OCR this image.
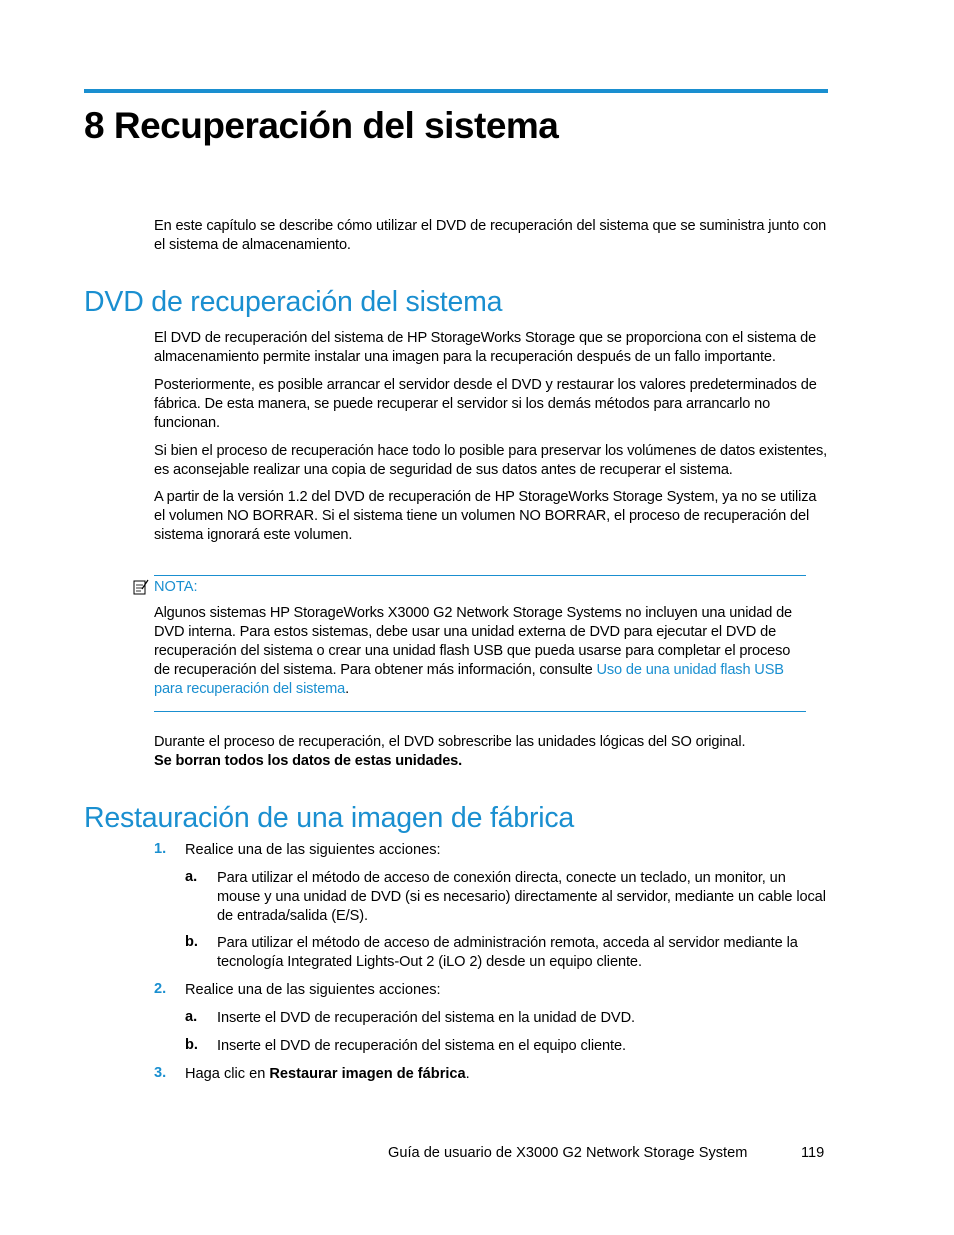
8 Recuperación del sistema

En este capítulo se describe cómo utilizar el DVD de recuperación del sistema que se suministra junto con el sistema de almacenamiento.

DVD de recuperación del sistema

El DVD de recuperación del sistema de HP StorageWorks Storage que se proporciona con el sistema de almacenamiento permite instalar una imagen para la recuperación después de un fallo importante.

Posteriormente, es posible arrancar el servidor desde el DVD y restaurar los valores predeterminados de fábrica. De esta manera, se puede recuperar el servidor si los demás métodos para arrancarlo no funcionan.

Si bien el proceso de recuperación hace todo lo posible para preservar los volúmenes de datos existentes, es aconsejable realizar una copia de seguridad de sus datos antes de recuperar el sistema.

A partir de la versión 1.2 del DVD de recuperación de HP StorageWorks Storage System, ya no se utiliza el volumen NO BORRAR. Si el sistema tiene un volumen NO BORRAR, el proceso de recuperación del sistema ignorará este volumen.

NOTA:

Algunos sistemas HP StorageWorks X3000 G2 Network Storage Systems no incluyen una unidad de DVD interna. Para estos sistemas, debe usar una unidad externa de DVD para ejecutar el DVD de recuperación del sistema o crear una unidad flash USB que pueda usarse para completar el proceso de recuperación del sistema. Para obtener más información, consulte Uso de una unidad flash USB para recuperación del sistema.

Durante el proceso de recuperación, el DVD sobrescribe las unidades lógicas del SO original.
Se borran todos los datos de estas unidades.

Restauración de una imagen de fábrica
1. Realice una de las siguientes acciones:

a. Para utilizar el método de acceso de conexión directa, conecte un teclado, un monitor, un mouse y una unidad de DVD (si es necesario) directamente al servidor, mediante un cable local de entrada/salida (E/S).

b. Para utilizar el método de acceso de administración remota, acceda al servidor mediante la tecnología Integrated Lights-Out 2 (iLO 2) desde un equipo cliente.

2. Realice una de las siguientes acciones:

a. Inserte el DVD de recuperación del sistema en la unidad de DVD.

b. Inserte el DVD de recuperación del sistema en el equipo cliente.

3. Haga clic en Restaurar imagen de fábrica.

Guía de usuario de X3000 G2 Network Storage System	119
